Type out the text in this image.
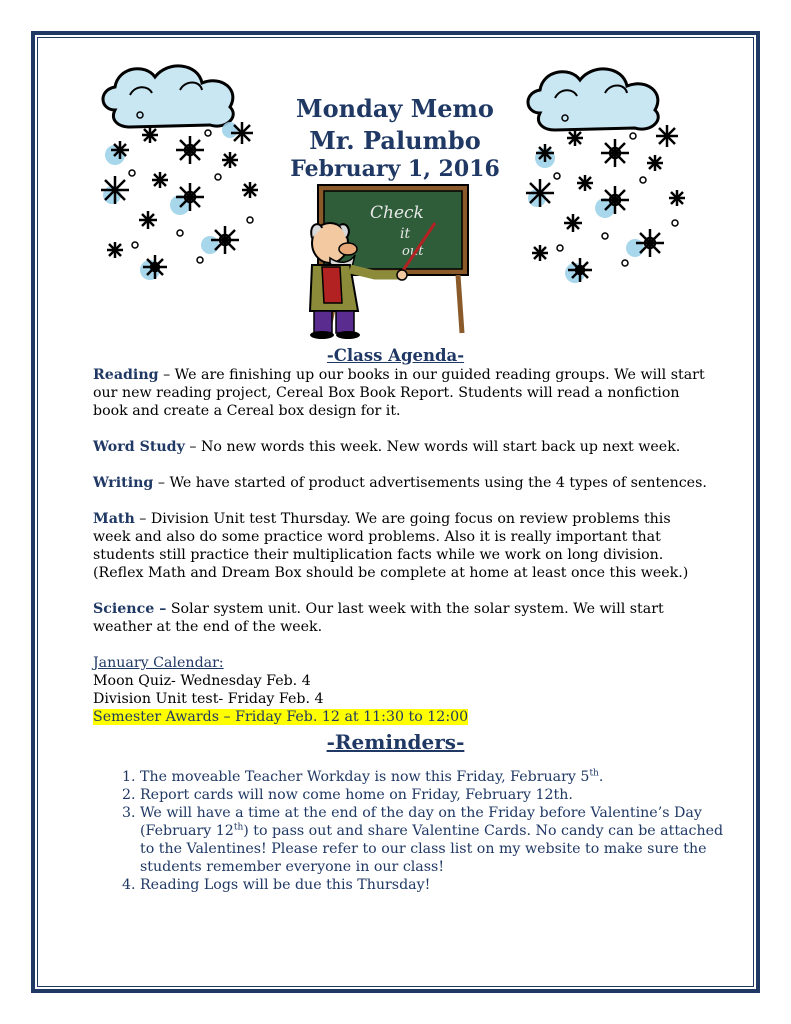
Monday Memo
Mr. Palumbo
February 1, 2016
Check
it
out
-Class Agenda-

Reading – We are finishing up our books in our guided reading groups. We will start our new reading project, Cereal Box Book Report. Students will read a nonfiction book and create a Cereal box design for it.

Word Study – No new words this week. New words will start back up next week.

Writing – We have started of product advertisements using the 4 types of sentences.

Math – Division Unit test Thursday. We are going focus on review problems this week and also do some practice word problems. Also it is really important that students still practice their multiplication facts while we work on long division. (Reflex Math and Dream Box should be complete at home at least once this week.)

Science – Solar system unit. Our last week with the solar system. We will start weather at the end of the week.

January Calendar:
Moon Quiz- Wednesday Feb. 4
Division Unit test- Friday Feb. 4
Semester Awards – Friday Feb. 12 at 11:30 to 12:00
-Reminders-
1. The moveable Teacher Workday is now this Friday, February 5th.
2. Report cards will now come home on Friday, February 12th.
3. We will have a time at the end of the day on the Friday before Valentine’s Day (February 12th) to pass out and share Valentine Cards. No candy can be attached to the Valentines! Please refer to our class list on my website to make sure the students remember everyone in our class!
4. Reading Logs will be due this Thursday!
